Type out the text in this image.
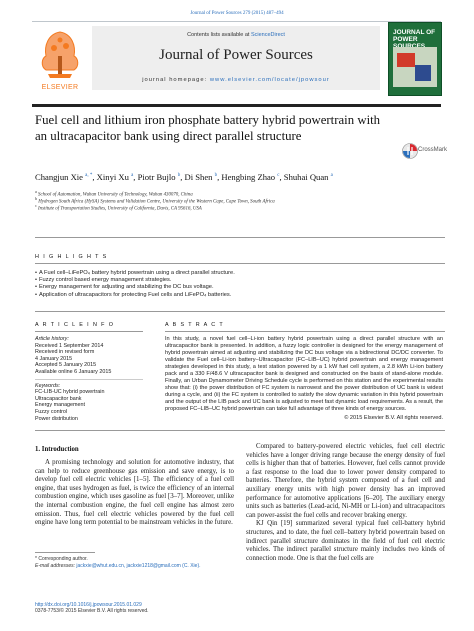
Journal of Power Sources 279 (2015) 487–494
ELSEVIER
Contents lists available at ScienceDirect
Journal of Power Sources
journal homepage: www.elsevier.com/locate/jpowsour
JOURNAL OF POWER
Fuel cell and lithium iron phosphate battery hybrid powertrain with an ultracapacitor bank using direct parallel structure
CrossMark
Changjun Xie $^{a, *}$, Xinyi Xu $^a$, Piotr Bujlo $^b$, Di Shen $^b$, Hengbing Zhao $^c$, Shuhai Quan $^a$
$^a$ School of Automation, Wuhan University of Technology, Wuhan 430070, China
$^b$ Hydrogen South Africa (HySA) Systems and Validation Centre, University of the Western Cape, Cape Town, South Africa
$^c$ Institute of Transportation Studies, University of California, Davis, CA 95616, USA
H I G H L I G H T S
• A Fuel cell–LiFePO₄ battery hybrid powertrain using a direct parallel structure.
• Fuzzy control based energy management strategies.
• Energy management for adjusting and stabilizing the DC bus voltage.
• Application of ultracapacitors for protecting Fuel cells and LiFePO₄ batteries.
A R T I C L E I N F O
Article history:
Received 1 September 2014
Received in revised form
4 January 2015
Accepted 5 January 2015
Available online 6 January 2015
Keywords:
FC-LIB-UC hybrid powertrain
Ultracapacitor bank
Energy management
Fuzzy control
Power distribution
A B S T R A C T
In this study, a novel fuel cell–Li-ion battery hybrid powertrain using a direct parallel structure with an ultracapacitor bank is presented. In addition, a fuzzy logic controller is designed for the energy management of hybrid powertrain aimed at adjusting and stabilizing the DC bus voltage via a bidirectional DC/DC converter. To validate the Fuel cell–Li-ion battery–Ultracapacitor (FC–LIB–UC) hybrid powertrain and energy management strategies developed in this study, a test station powered by a 1 kW fuel cell system, a 2.8 kWh Li-ion battery pack and a 330 F/48.6 V ultracapacitor bank is designed and constructed on the basis of stand-alone module. Finally, an Urban Dynamometer Driving Schedule cycle is performed on this station and the experimental results show that: (i) the power distribution of FC system is narrowest and the power distribution of UC bank is widest during a cycle, and (ii) the FC system is controlled to satisfy the slow dynamic variation in this hybrid powertrain and the output of the LIB pack and UC bank is adjusted to meet fast dynamic load requirements. As a result, the proposed FC–LIB–UC hybrid powertrain can take full advantage of three kinds of energy sources.
© 2015 Elsevier B.V. All rights reserved.
1. Introduction

A promising technology and solution for automotive industry, that can help to reduce greenhouse gas emission and save energy, is to develop fuel cell electric vehicles [1–5]. The efficiency of a fuel cell engine, that uses hydrogen as fuel, is twice the efficiency of an internal combustion engine, which uses gasoline as fuel [3–7]. Moreover, unlike the internal combustion engine, the fuel cell engine has almost zero emission. Thus, fuel cell electric vehicles powered by the fuel cell engine have long term potential to be mainstream vehicles in the future.

Compared to battery-powered electric vehicles, fuel cell electric vehicles have a longer driving range because the energy density of fuel cells is higher than that of batteries. However, fuel cells cannot provide a fast response to the load due to lower power density compared to batteries. Therefore, the hybrid system composed of a fuel cell and auxiliary energy units with high power density has an improved performance for automotive applications [6–20]. The auxiliary energy units such as batteries (Lead-acid, Ni-MH or Li-ion) and ultracapacitors can power-assist the fuel cells and recover braking energy.

KJ Qin [19] summarized several typical fuel cell-battery hybrid structures, and to date, the fuel cell–battery hybrid powertrain based on indirect parallel structure dominates in the field of fuel cell electric vehicles. The indirect parallel structure mainly includes two kinds of connection mode. One is that the fuel cells are

* Corresponding author.
E-mail addresses: jackxie@whut.edu.cn, jackxie1218@gmail.com (C. Xie).
http://dx.doi.org/10.1016/j.jpowsour.2015.01.029
0378-7753/© 2015 Elsevier B.V. All rights reserved.
